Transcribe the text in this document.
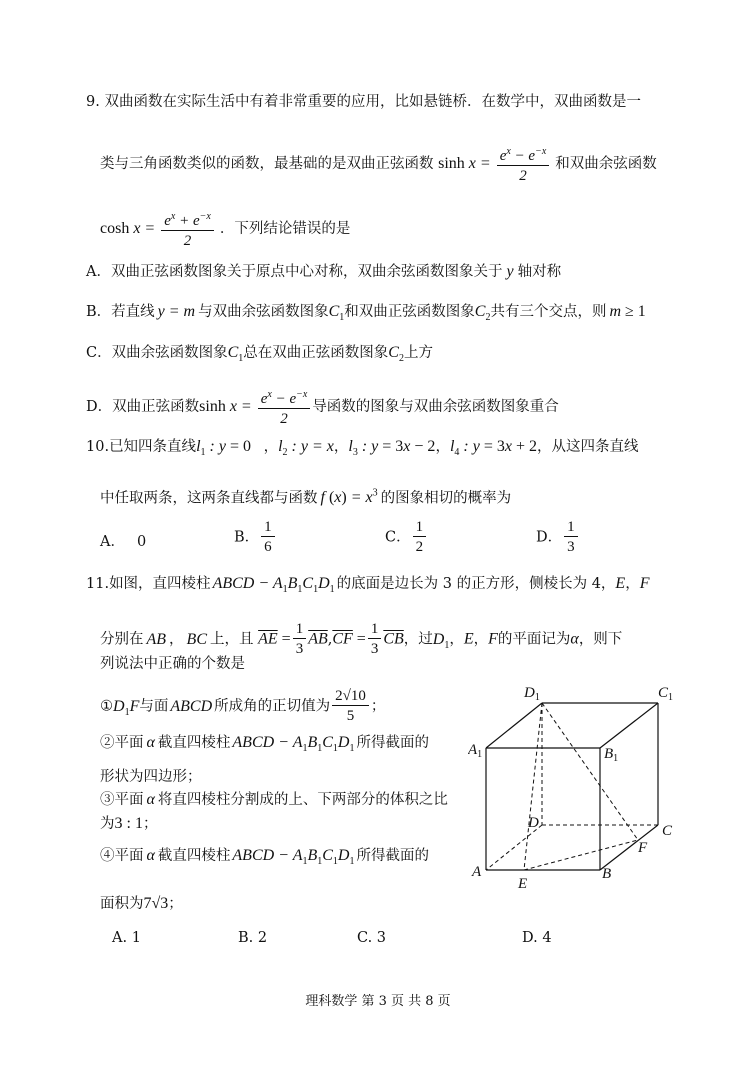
9. 双曲函数在实际生活中有着非常重要的应用，比如悬链桥．在数学中，双曲函数是一
类与三角函数类似的函数，最基础的是双曲正弦函数 $\sinh x = \frac{e^x - e^{-x}}{2}$ 和双曲余弦函数
$\cosh x = \frac{e^x + e^{-x}}{2}$ ．下列结论错误的是
A．双曲正弦函数图象关于原点中心对称，双曲余弦函数图象关于 y 轴对称
B．若直线 y = m 与双曲余弦函数图象$C_1$和双曲正弦函数图象$C_2$共有三个交点，则 m ≥ 1
C．双曲余弦函数图象$C_1$总在双曲正弦函数图象$C_2$上方
D．双曲正弦函数$\sinh x = \frac{e^x - e^{-x}}{2}$ 导函数的图象与双曲余弦函数图象重合
10.已知四条直线$l_1$ : y = 0 ，$l_2$ : y = x，$l_3$ : y = 3x − 2，$l_4$ : y = 3x + 2，从这四条直线
中任取两条，这两条直线都与函数 f $(x) = x^3$ 的图象相切的概率为
A． 0	B． $\frac{1}{6}$	C． $\frac{1}{2}$	D． $\frac{1}{3}$
11.如图，直四棱柱 ABCD − $A_1B_1C_1D_1$ 的底面是边长为 3 的正方形，侧棱长为 4，E，F
分别在 AB ， BC 上，且 $\overline{AE} = \frac{1}{3} \overline{AB},\overline{CF} = \frac{1}{3} \overline{CB}$，过$D_1$，E，F的平面记为α，则下
列说法中正确的个数是
$①D_1F$与面 ABCD 所成角的正切值为 $\frac{2√10}{5}$ ；
②平面 α 截直四棱柱 ABCD − $A_1B_1C_1D_1$ 所得截面的
形状为四边形；
③平面 α 将直四棱柱分割成的上、下两部分的体积之比
为3 : 1；
④平面 α 截直四棱柱 ABCD − $A_1B_1C_1D_1$ 所得截面的
面积为7√3；
A. 1	B. 2	C. 3	D. 4
$D_1$	$C_1$
$A_1$	$B_1$
D	C
A
E
F
B
理科数学 第 3 页 共 8 页
